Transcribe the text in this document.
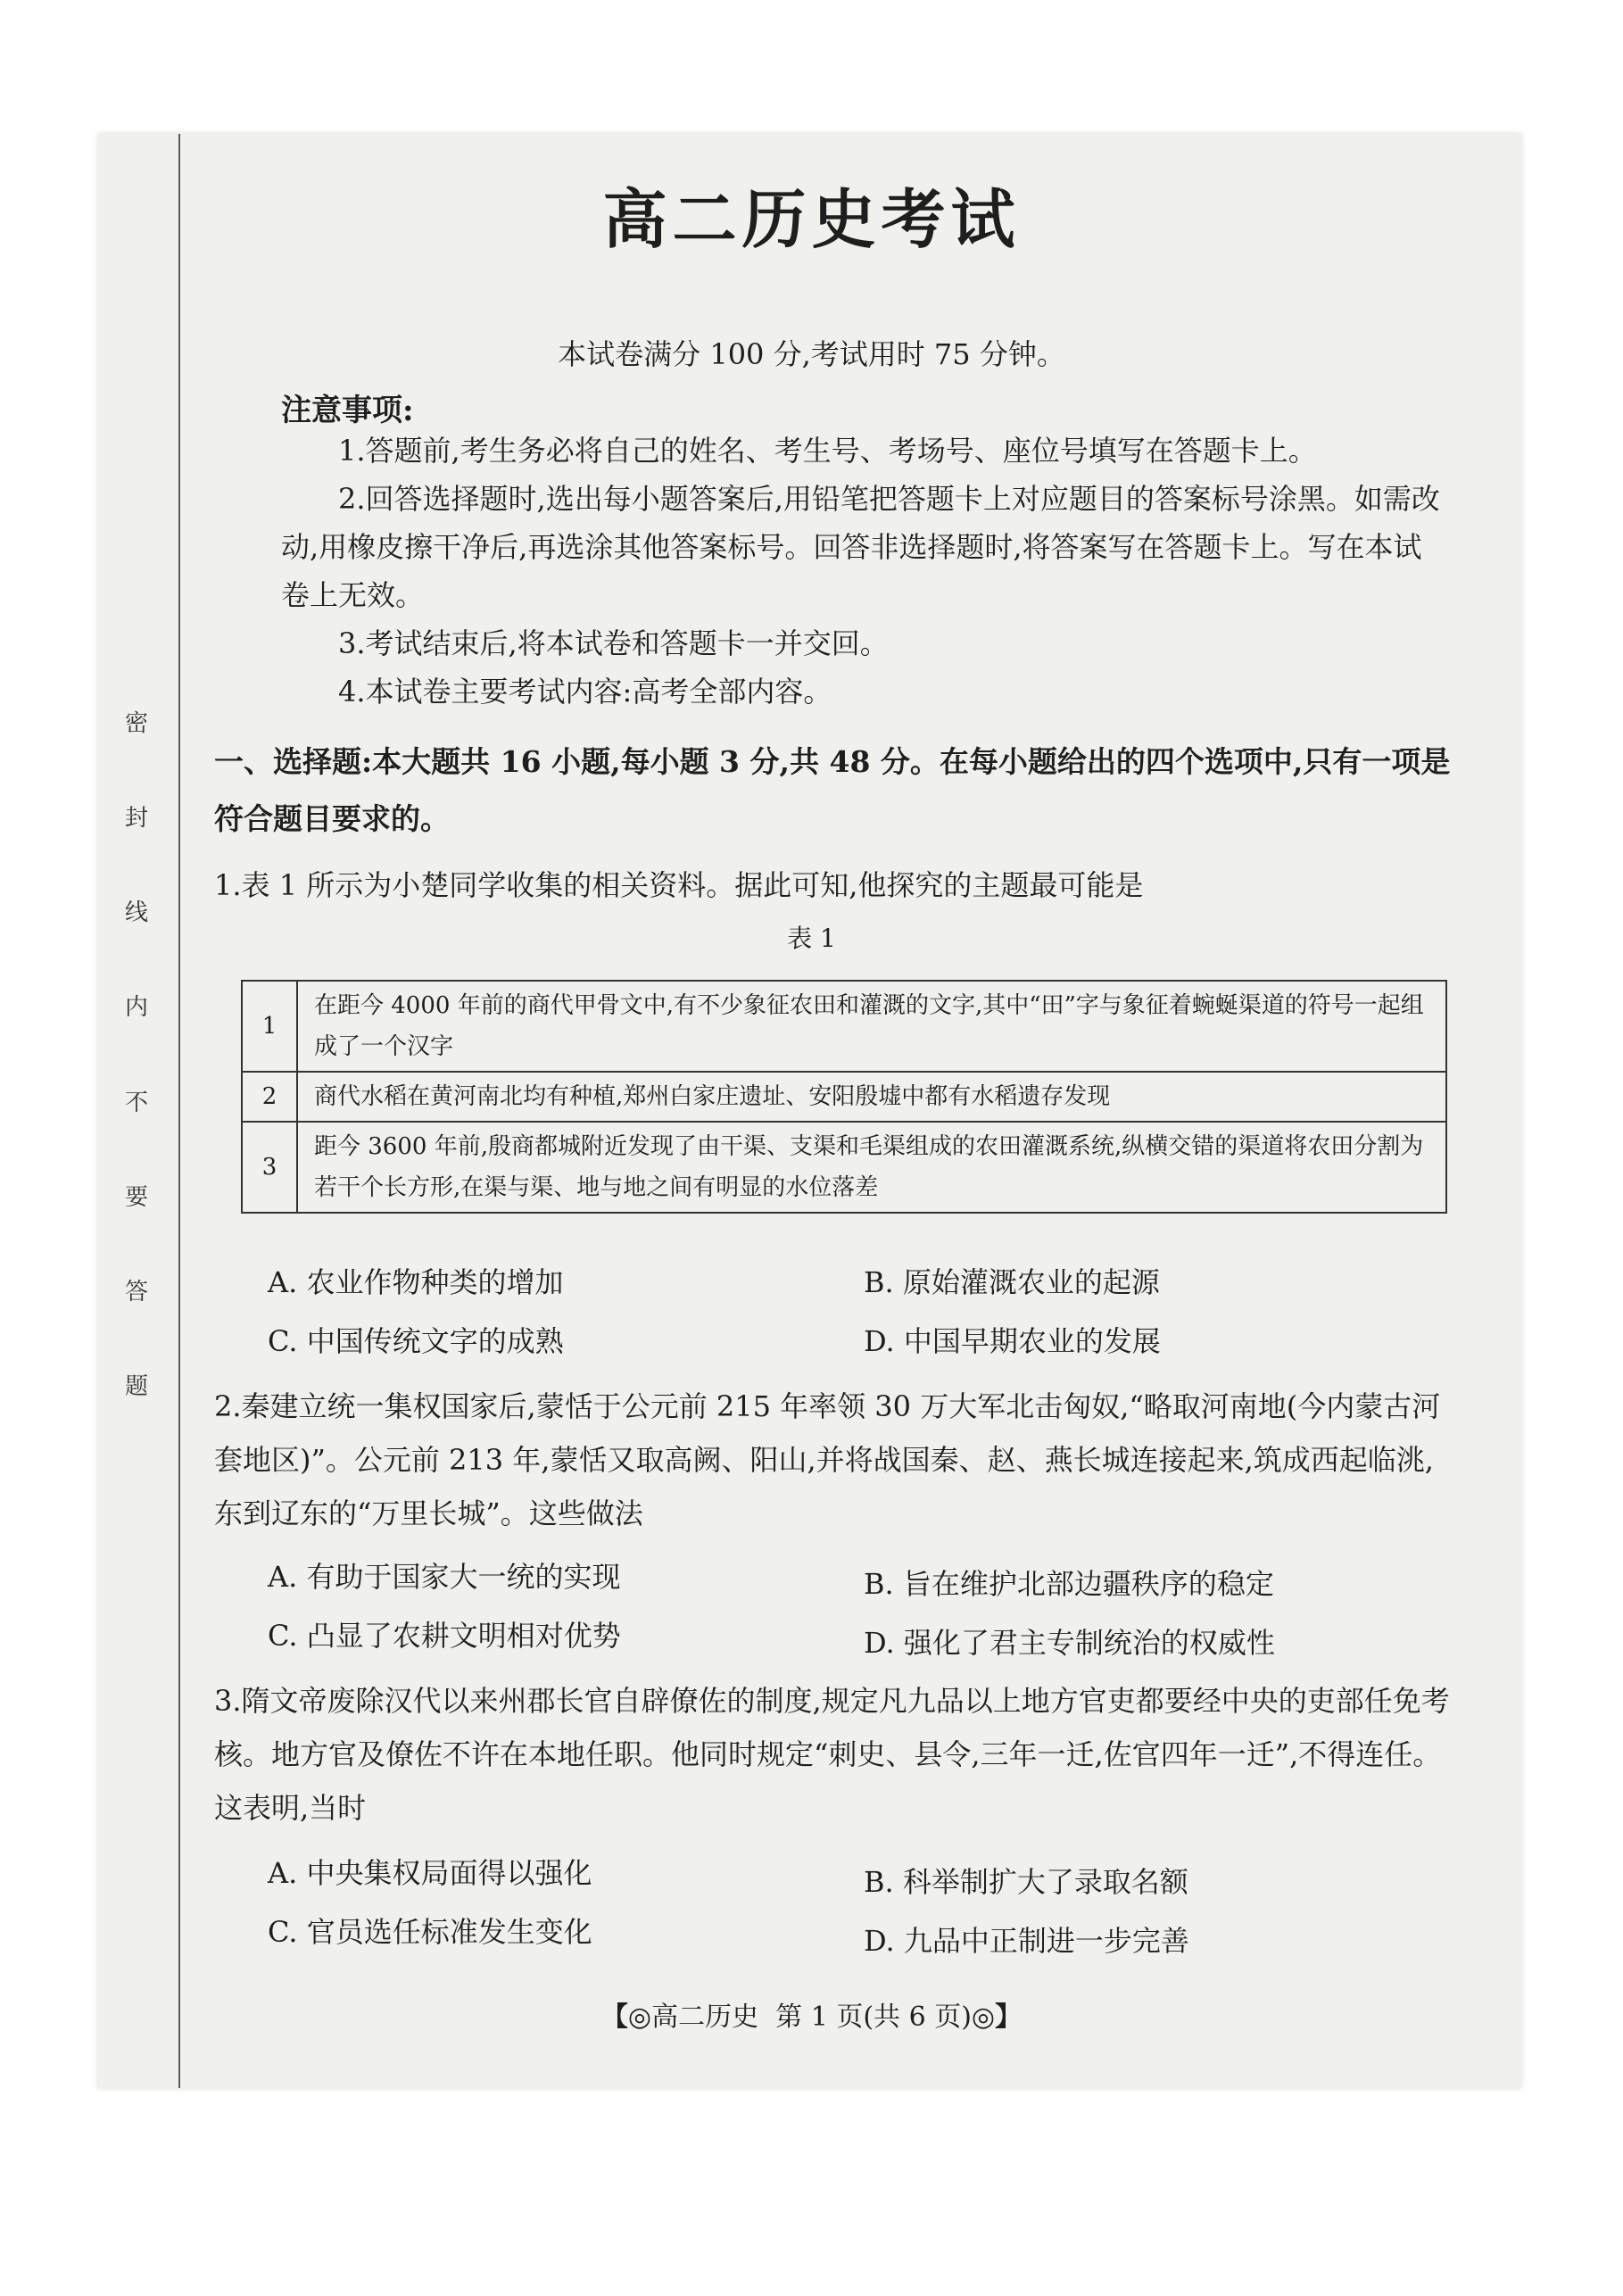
密
封
线
内
不
要
答
题
高二历史考试
本试卷满分 100 分,考试用时 75 分钟。
注意事项:

1.答题前,考生务必将自己的姓名、考生号、考场号、座位号填写在答题卡上。

2.回答选择题时,选出每小题答案后,用铅笔把答题卡上对应题目的答案标号涂黑。如需改动,用橡皮擦干净后,再选涂其他答案标号。回答非选择题时,将答案写在答题卡上。写在本试卷上无效。

3.考试结束后,将本试卷和答题卡一并交回。

4.本试卷主要考试内容:高考全部内容。

一、选择题:本大题共 16 小题,每小题 3 分,共 48 分。在每小题给出的四个选项中,只有一项是符合题目要求的。

1.表 1 所示为小楚同学收集的相关资料。据此可知,他探究的主题最可能是

表 1
1	在距今 4000 年前的商代甲骨文中,有不少象征农田和灌溉的文字,其中“田”字与象征着蜿蜒渠道的符号一起组成了一个汉字
2	商代水稻在黄河南北均有种植,郑州白家庄遗址、安阳殷墟中都有水稻遗存发现
3	距今 3600 年前,殷商都城附近发现了由干渠、支渠和毛渠组成的农田灌溉系统,纵横交错的渠道将农田分割为若干个长方形,在渠与渠、地与地之间有明显的水位落差
A. 农业作物种类的增加	B. 原始灌溉农业的起源
C. 中国传统文字的成熟	D. 中国早期农业的发展

2.秦建立统一集权国家后,蒙恬于公元前 215 年率领 30 万大军北击匈奴,“略取河南地(今内蒙古河套地区)”。公元前 213 年,蒙恬又取高阙、阳山,并将战国秦、赵、燕长城连接起来,筑成西起临洮,东到辽东的“万里长城”。这些做法

A. 有助于国家大一统的实现	B. 旨在维护北部边疆秩序的稳定
C. 凸显了农耕文明相对优势	D. 强化了君主专制统治的权威性

3.隋文帝废除汉代以来州郡长官自辟僚佐的制度,规定凡九品以上地方官吏都要经中央的吏部任免考核。地方官及僚佐不许在本地任职。他同时规定“刺史、县令,三年一迁,佐官四年一迁”,不得连任。这表明,当时

A. 中央集权局面得以强化	B. 科举制扩大了录取名额
C. 官员选任标准发生变化	D. 九品中正制进一步完善
【◎高二历史 第 1 页(共 6 页)◎】
